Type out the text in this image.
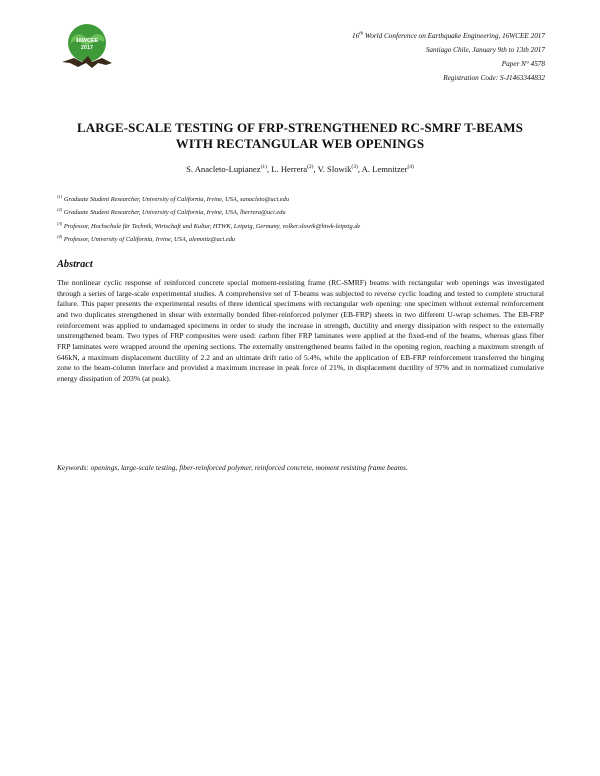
16WCEE
2017
16th World Conference on Earthquake Engineering, 16WCEE 2017
Santiago Chile, January 9th to 13th 2017
Paper N° 4578
Registration Code: S-J1463344832
LARGE-SCALE TESTING OF FRP-STRENGTHENED RC-SMRF T-BEAMS
WITH RECTANGULAR WEB OPENINGS
S. Anacleto-Lupianez$^{(1)}$, L. Herrera$^{(2)}$, V. Slowik$^{(3)}$, A. Lemnitzer$^{(4)}$
$^{(1)}$ Graduate Student Researcher, University of California, Irvine, USA, sanacleto@uci.edu
$^{(2)}$ Graduate Student Researcher, University of California, Irvine, USA, lherrera@uci.edu
$^{(3)}$ Professor, Hochschule für Technik, Wirtschaft und Kultur, HTWK, Leipzig, Germany, volker.slowik@htwk-leipzig.de
$^{(4)}$ Professor, University of California, Irvine, USA, alemnitz@uci.edu
Abstract
The nonlinear cyclic response of reinforced concrete special moment-resisting frame (RC-SMRF) beams with rectangular web openings was investigated through a series of large-scale experimental studies. A comprehensive set of T-beams was subjected to reverse cyclic loading and tested to complete structural failure. This paper presents the experimental results of three identical specimens with rectangular web opening: one specimen without external reinforcement and two duplicates strengthened in shear with externally bonded fiber-reinforced polymer (EB-FRP) sheets in two different U-wrap schemes. The EB-FRP reinforcement was applied to undamaged specimens in order to study the increase in strength, ductility and energy dissipation with respect to the externally unstrengthened beam. Two types of FRP composites were used: carbon fiber FRP laminates were applied at the fixed-end of the beams, whereas glass fiber FRP laminates were wrapped around the opening sections. The externally unstrengthened beams failed in the opening region, reaching a maximum strength of 646kN, a maximum displacement ductility of 2.2 and an ultimate drift ratio of 5.4%, while the application of EB-FRP reinforcement transferred the hinging zone to the beam-column interface and provided a maximum increase in peak force of 21%, in displacement ductility of 97% and in normalized cumulative energy dissipation of 203% (at peak).
Keywords: openings, large-scale testing, fiber-reinforced polymer, reinforced concrete, moment resisting frame beams.
